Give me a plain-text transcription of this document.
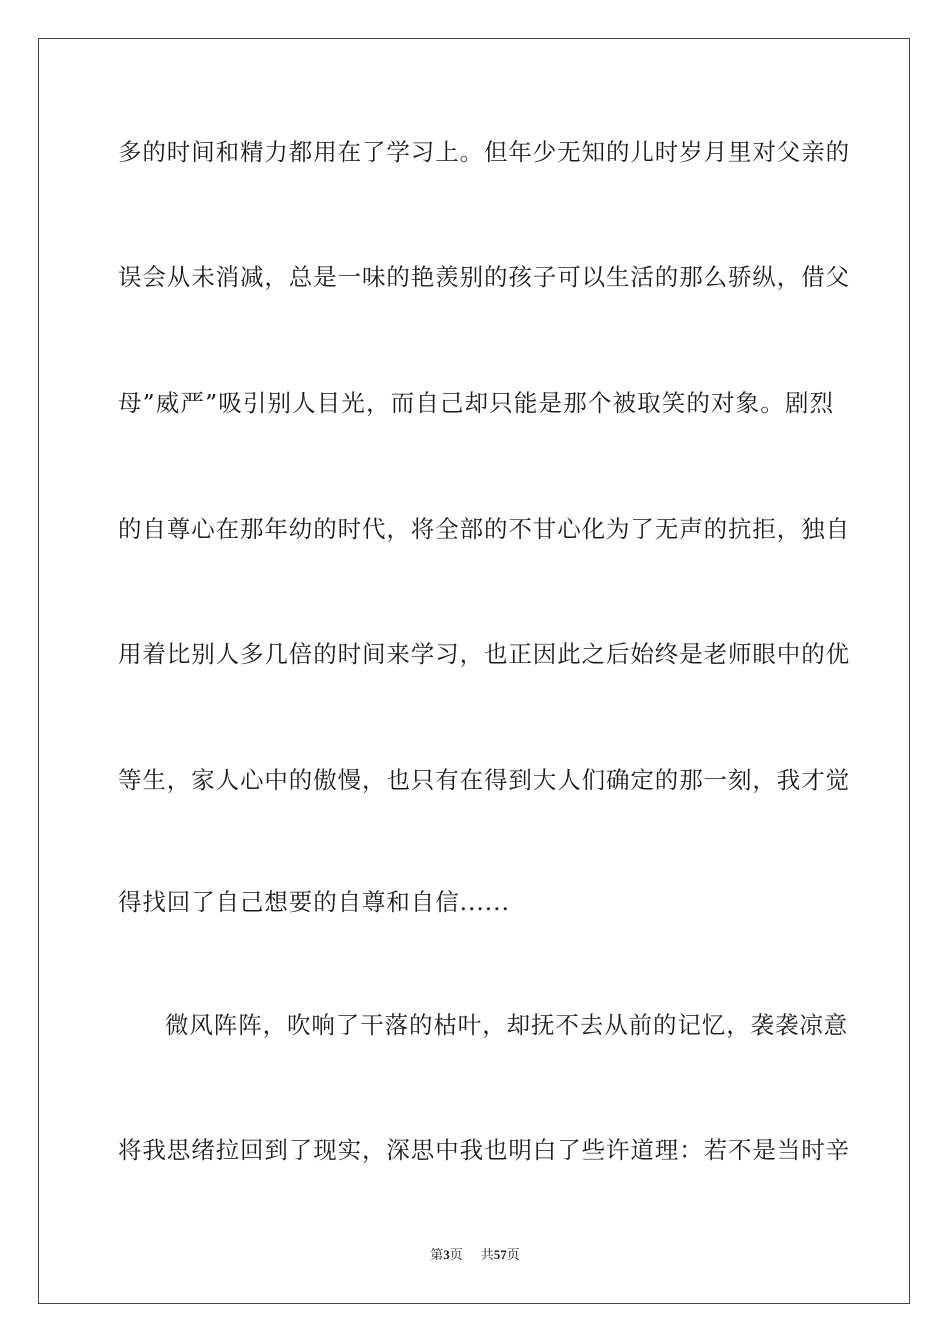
多的时间和精力都用在了学习上。但年少无知的儿时岁月里对父亲的
误会从未消减，总是一味的艳羡别的孩子可以生活的那么骄纵，借父
母”威严”吸引别人目光，而自己却只能是那个被取笑的对象。剧烈
的自尊心在那年幼的时代，将全部的不甘心化为了无声的抗拒，独自
用着比别人多几倍的时间来学习，也正因此之后始终是老师眼中的优
等生，家人心中的傲慢，也只有在得到大人们确定的那一刻，我才觉
得找回了自己想要的自尊和自信......
微风阵阵，吹响了干落的枯叶，却抚不去从前的记忆，袭袭凉意
将我思绪拉回到了现实，深思中我也明白了些许道理：若不是当时辛
第3页 共57页
